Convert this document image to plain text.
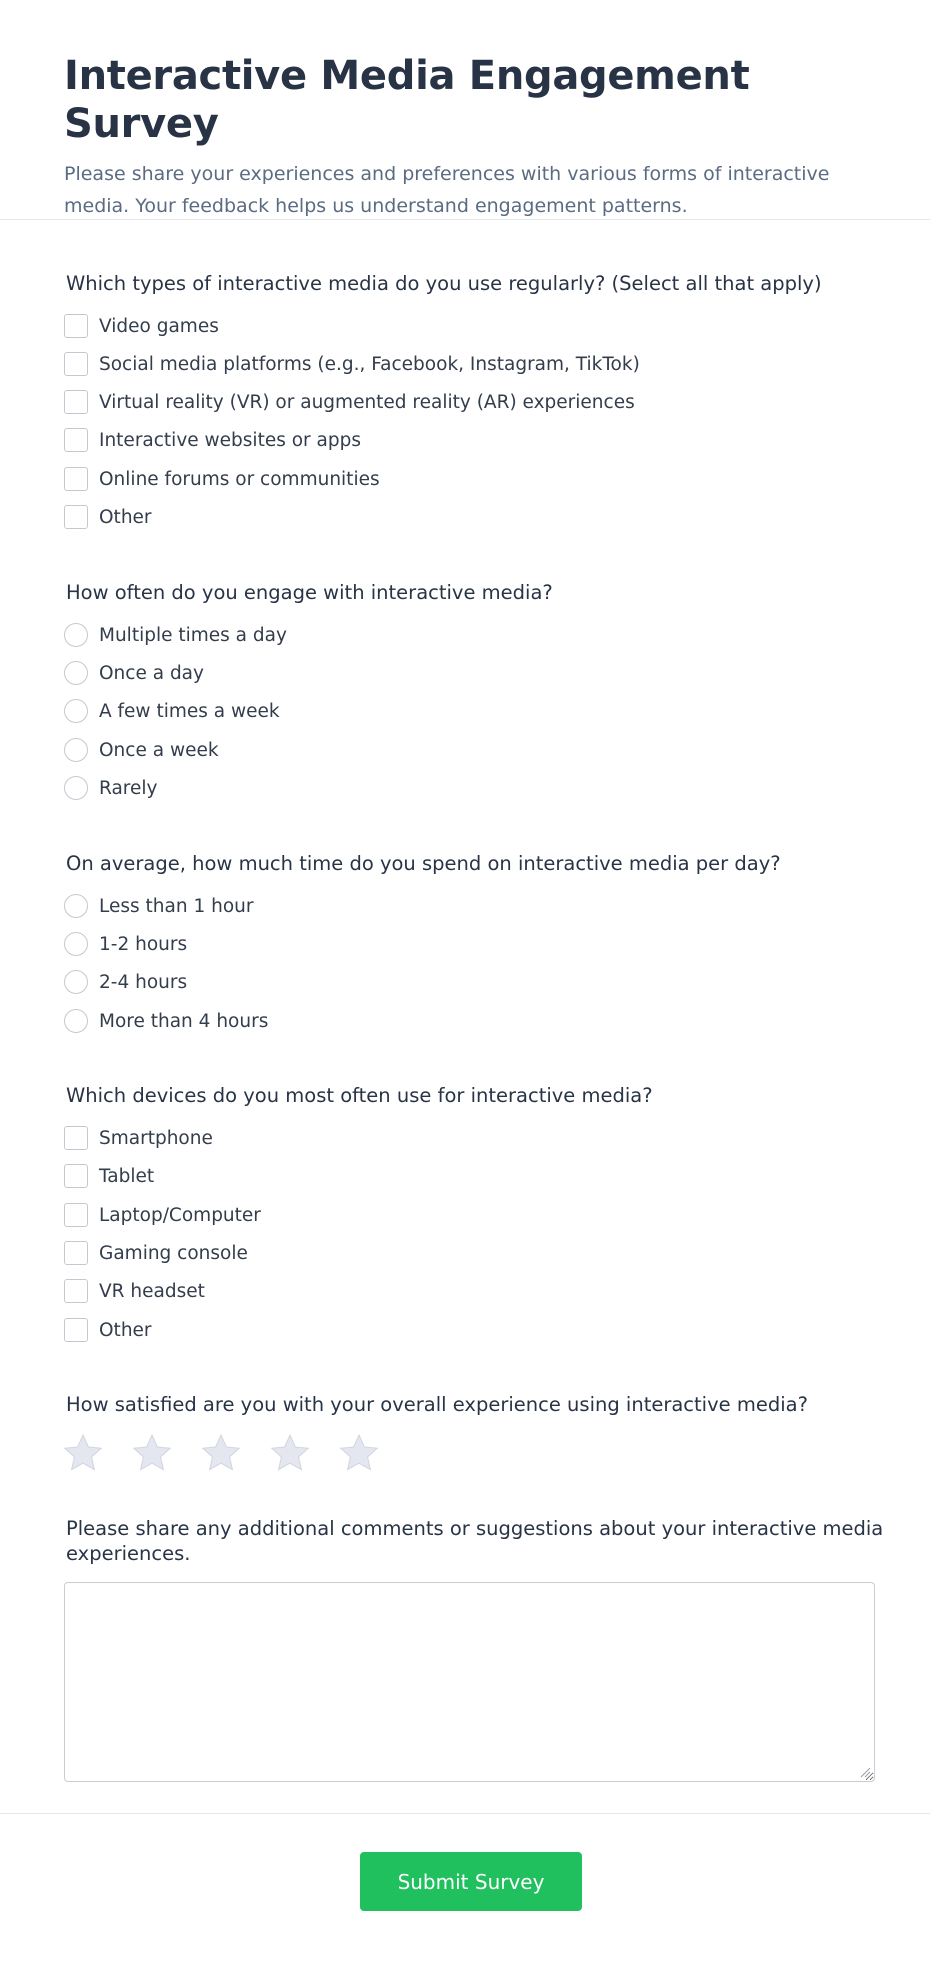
Interactive Media Engagement Survey

Please share your experiences and preferences with various forms of interactive media. Your feedback helps us understand engagement patterns.

Which types of interactive media do you use regularly? (Select all that apply)
Video games
Social media platforms (e.g., Facebook, Instagram, TikTok)
Virtual reality (VR) or augmented reality (AR) experiences
Interactive websites or apps
Online forums or communities
Other
How often do you engage with interactive media?
Multiple times a day
Once a day
A few times a week
Once a week
Rarely
On average, how much time do you spend on interactive media per day?
Less than 1 hour
1-2 hours
2-4 hours
More than 4 hours
Which devices do you most often use for interactive media?
Smartphone
Tablet
Laptop/Computer
Gaming console
VR headset
Other
How satisfied are you with your overall experience using interactive media?
Please share any additional comments or suggestions about your interactive media experiences.
Submit Survey
